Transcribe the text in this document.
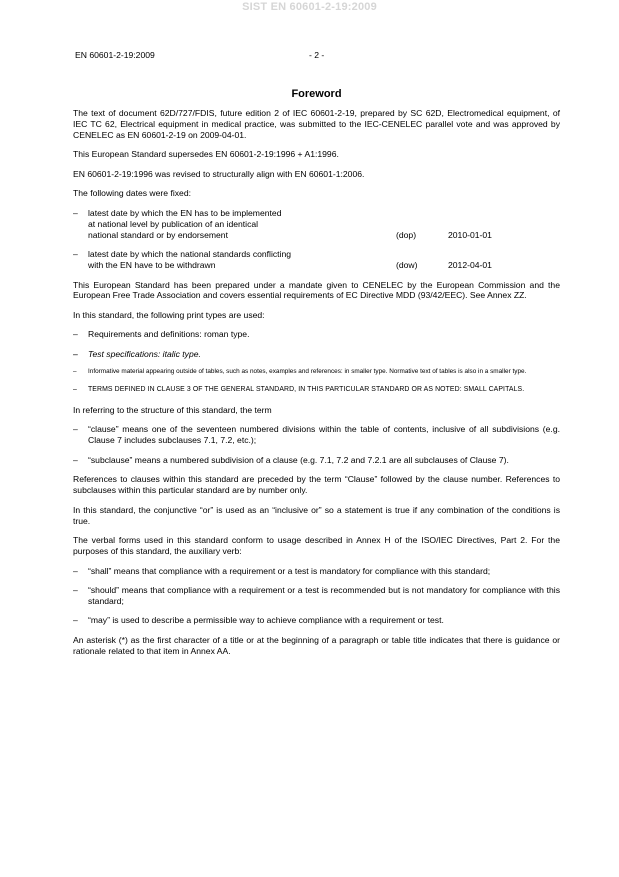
SIST EN 60601-2-19:2009
EN 60601-2-19:2009	- 2 -
Foreword

The text of document 62D/727/FDIS, future edition 2 of IEC 60601-2-19, prepared by SC 62D, Electromedical equipment, of IEC TC 62, Electrical equipment in medical practice, was submitted to the IEC-CENELEC parallel vote and was approved by CENELEC as EN 60601-2-19 on 2009-04-01.

This European Standard supersedes EN 60601-2-19:1996 + A1:1996.

EN 60601-2-19:1996 was revised to structurally align with EN 60601-1:2006.

The following dates were fixed:

– latest date by which the EN has to be implemented
at national level by publication of an identical
national standard or by endorsement	(dop)	2010-01-01
– latest date by which the national standards conflicting
with the EN have to be withdrawn	(dow)	2012-04-01

This European Standard has been prepared under a mandate given to CENELEC by the European Commission and the European Free Trade Association and covers essential requirements of EC Directive MDD (93/42/EEC). See Annex ZZ.

In this standard, the following print types are used:

– Requirements and definitions: roman type.
– Test specifications: italic type.
– Informative material appearing outside of tables, such as notes, examples and references: in smaller type. Normative text of tables is also in a smaller type.
– TERMS DEFINED IN CLAUSE 3 OF THE GENERAL STANDARD, IN THIS PARTICULAR STANDARD OR AS NOTED: SMALL CAPITALS.

In referring to the structure of this standard, the term

– “clause” means one of the seventeen numbered divisions within the table of contents, inclusive of all subdivisions (e.g. Clause 7 includes subclauses 7.1, 7.2, etc.);
– “subclause” means a numbered subdivision of a clause (e.g. 7.1, 7.2 and 7.2.1 are all subclauses of Clause 7).

References to clauses within this standard are preceded by the term “Clause” followed by the clause number. References to subclauses within this particular standard are by number only.

In this standard, the conjunctive “or” is used as an “inclusive or” so a statement is true if any combination of the conditions is true.

The verbal forms used in this standard conform to usage described in Annex H of the ISO/IEC Directives, Part 2. For the purposes of this standard, the auxiliary verb:

– “shall” means that compliance with a requirement or a test is mandatory for compliance with this standard;
– “should” means that compliance with a requirement or a test is recommended but is not mandatory for compliance with this standard;
– “may” is used to describe a permissible way to achieve compliance with a requirement or test.

An asterisk (*) as the first character of a title or at the beginning of a paragraph or table title indicates that there is guidance or rationale related to that item in Annex AA.
